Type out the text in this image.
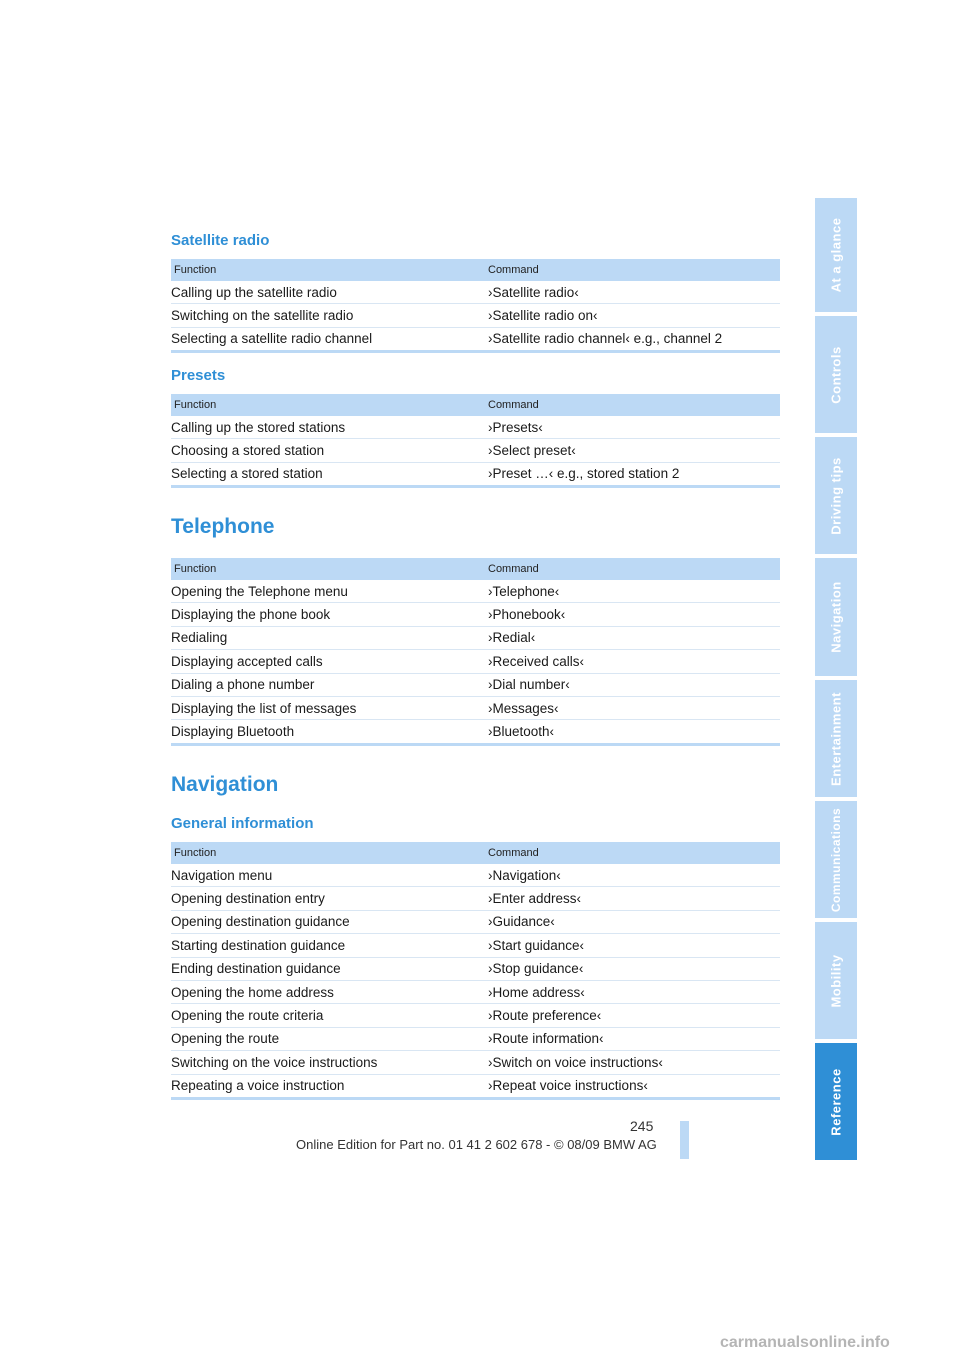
Satellite radio
Function	Command
Calling up the satellite radio	›Satellite radio‹
Switching on the satellite radio	›Satellite radio on‹
Selecting a satellite radio channel	›Satellite radio channel‹ e.g., channel 2
Presets
Function	Command
Calling up the stored stations	›Presets‹
Choosing a stored station	›Select preset‹
Selecting a stored station	›Preset …‹ e.g., stored station 2
Telephone
Function	Command
Opening the Telephone menu	›Telephone‹
Displaying the phone book	›Phonebook‹
Redialing	›Redial‹
Displaying accepted calls	›Received calls‹
Dialing a phone number	›Dial number‹
Displaying the list of messages	›Messages‹
Displaying Bluetooth	›Bluetooth‹
Navigation
General information
Function	Command
Navigation menu	›Navigation‹
Opening destination entry	›Enter address‹
Opening destination guidance	›Guidance‹
Starting destination guidance	›Start guidance‹
Ending destination guidance	›Stop guidance‹
Opening the home address	›Home address‹
Opening the route criteria	›Route preference‹
Opening the route	›Route information‹
Switching on the voice instructions	›Switch on voice instructions‹
Repeating a voice instruction	›Repeat voice instructions‹
At a glance
Controls
Driving tips
Navigation
Entertainment
Communications
Mobility
Reference
245
Online Edition for Part no. 01 41 2 602 678 - © 08/09 BMW AG
carmanualsonline.info
